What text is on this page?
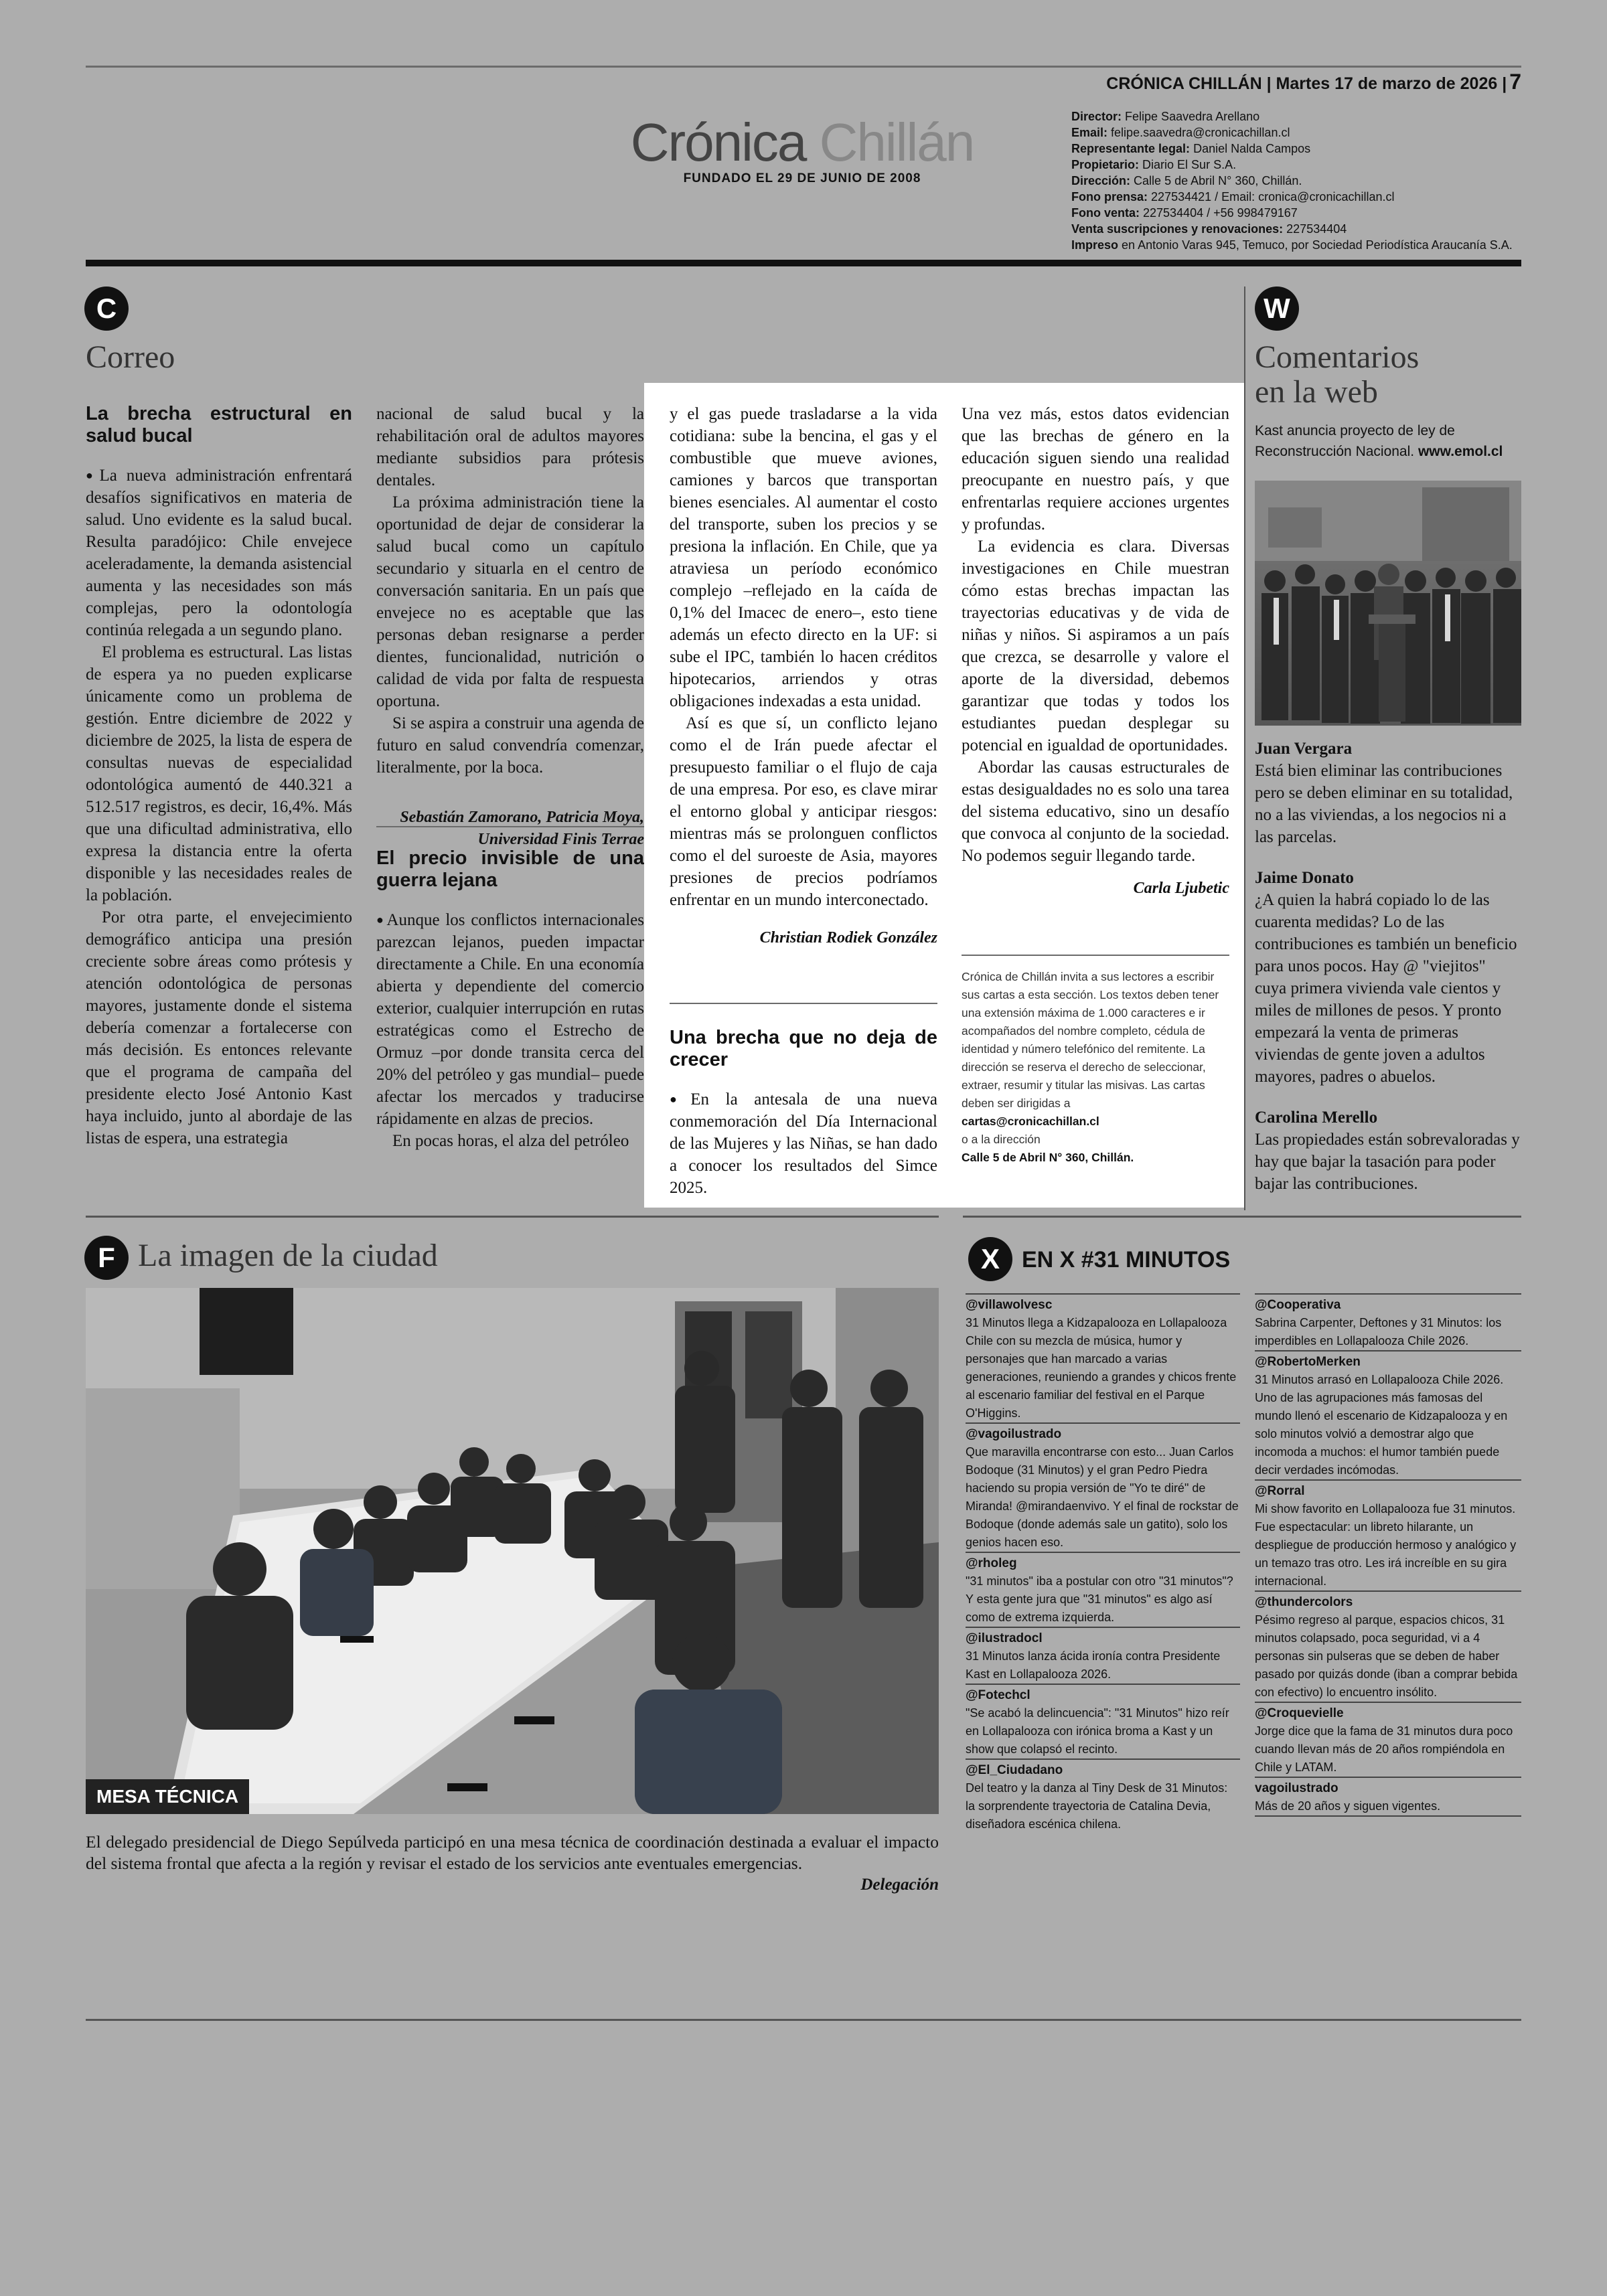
CRÓNICA CHILLÁN | Martes 17 de marzo de 2026 | 7
Crónica Chillán
FUNDADO EL 29 DE JUNIO DE 2008
Director: Felipe Saavedra Arellano
Email: felipe.saavedra@cronicachillan.cl
Representante legal: Daniel Nalda Campos
Propietario: Diario El Sur S.A.
Dirección: Calle 5 de Abril N° 360, Chillán.
Fono prensa: 227534421 / Email: cronica@cronicachillan.cl
Fono venta: 227534404 / +56 998479167
Venta suscripciones y renovaciones: 227534404
Impreso en Antonio Varas 945, Temuco, por Sociedad Periodística Araucanía S.A.
C
Correo
La brecha estructural en salud bucal

● La nueva administración enfrentará desafíos significativos en materia de salud. Uno evidente es la salud bucal. Resulta paradójico: Chile envejece aceleradamente, la demanda asistencial aumenta y las necesidades son más complejas, pero la odontología continúa relegada a un segundo plano.

El problema es estructural. Las listas de espera ya no pueden explicarse únicamente como un problema de gestión. Entre diciembre de 2022 y diciembre de 2025, la lista de espera de consultas nuevas de especialidad odontológica aumentó de 440.321 a 512.517 registros, es decir, 16,4%. Más que una dificultad administrativa, ello expresa la distancia entre la oferta disponible y las necesidades reales de la población.

Por otra parte, el envejecimiento demográfico anticipa una presión creciente sobre áreas como prótesis y atención odontológica de personas mayores, justamente donde el sistema debería comenzar a fortalecerse con más decisión. Es entonces relevante que el programa de campaña del presidente electo José Antonio Kast haya incluido, junto al abordaje de las listas de espera, una estrategia

nacional de salud bucal y la rehabilitación oral de adultos mayores mediante subsidios para prótesis dentales.

La próxima administración tiene la oportunidad de dejar de considerar la salud bucal como un capítulo secundario y situarla en el centro de conversación sanitaria. En un país que envejece no es aceptable que las personas deban resignarse a perder dientes, funcionalidad, nutrición o calidad de vida por falta de respuesta oportuna.

Si se aspira a construir una agenda de futuro en salud convendría comenzar, literalmente, por la boca.

Sebastián Zamorano, Patricia Moya, Universidad Finis Terrae
El precio invisible de una guerra lejana

● Aunque los conflictos internacionales parezcan lejanos, pueden impactar directamente a Chile. En una economía abierta y dependiente del comercio exterior, cualquier interrupción en rutas estratégicas como el Estrecho de Ormuz –por donde transita cerca del 20% del petróleo y gas mundial– puede afectar los mercados y traducirse rápidamente en alzas de precios.

En pocas horas, el alza del petróleo

y el gas puede trasladarse a la vida cotidiana: sube la bencina, el gas y el combustible que mueve aviones, camiones y barcos que transportan bienes esenciales. Al aumentar el costo del transporte, suben los precios y se presiona la inflación. En Chile, que ya atraviesa un período económico complejo –reflejado en la caída de 0,1% del Imacec de enero–, esto tiene además un efecto directo en la UF: si sube el IPC, también lo hacen créditos hipotecarios, arriendos y otras obligaciones indexadas a esta unidad.

Así es que sí, un conflicto lejano como el de Irán puede afectar el presupuesto familiar o el flujo de caja de una empresa. Por eso, es clave mirar el entorno global y anticipar riesgos: mientras más se prolonguen conflictos como el del suroeste de Asia, mayores presiones de precios podríamos enfrentar en un mundo interconectado.

Christian Rodiek González
Una brecha que no deja de crecer

● En la antesala de una nueva conmemoración del Día Internacional de las Mujeres y las Niñas, se han dado a conocer los resultados del Simce 2025.

Una vez más, estos datos evidencian que las brechas de género en la educación siguen siendo una realidad preocupante en nuestro país, y que enfrentarlas requiere acciones urgentes y profundas.

La evidencia es clara. Diversas investigaciones en Chile muestran cómo estas brechas impactan las trayectorias educativas y de vida de niñas y niños. Si aspiramos a un país que crezca, se desarrolle y valore el aporte de la diversidad, debemos garantizar que todas y todos los estudiantes puedan desplegar su potencial en igualdad de oportunidades.

Abordar las causas estructurales de estas desigualdades no es solo una tarea del sistema educativo, sino un desafío que convoca al conjunto de la sociedad. No podemos seguir llegando tarde.

Carla Ljubetic
Crónica de Chillán invita a sus lectores a escribir sus cartas a esta sección. Los textos deben tener una extensión máxima de 1.000 caracteres e ir acompañados del nombre completo, cédula de identidad y número telefónico del remitente. La dirección se reserva el derecho de seleccionar, extraer, resumir y titular las misivas. Las cartas deben ser dirigidas a
cartas@cronicachillan.cl
o a la dirección
Calle 5 de Abril N° 360, Chillán.
W
Comentarios
en la web
Kast anuncia proyecto de ley de Reconstrucción Nacional. www.emol.cl
Juan Vergara
Está bien eliminar las contribuciones pero se deben eliminar en su totalidad, no a las viviendas, a los negocios ni a las parcelas.
Jaime Donato
¿A quien la habrá copiado lo de las cuarenta medidas? Lo de las contribuciones es también un beneficio para unos pocos. Hay @ "viejitos" cuya primera vivienda vale cientos y miles de millones de pesos. Y pronto empezará la venta de primeras viviendas de gente joven a adultos mayores, padres o abuelos.
Carolina Merello
Las propiedades están sobrevaloradas y hay que bajar la tasación para poder bajar las contribuciones.
F La imagen de la ciudad
MESA TÉCNICA
El delegado presidencial de Diego Sepúlveda participó en una mesa técnica de coordinación destinada a evaluar el impacto del sistema frontal que afecta a la región y revisar el estado de los servicios ante eventuales emergencias.
Delegación
X EN X #31 MINUTOS
@villawolvesc
31 Minutos llega a Kidzapalooza en Lollapalooza Chile con su mezcla de música, humor y personajes que han marcado a varias generaciones, reuniendo a grandes y chicos frente al escenario familiar del festival en el Parque O'Higgins.
@vagoilustrado
Que maravilla encontrarse con esto... Juan Carlos Bodoque (31 Minutos) y el gran Pedro Piedra haciendo su propia versión de "Yo te diré" de Miranda! @mirandaenvivo. Y el final de rockstar de Bodoque (donde además sale un gatito), solo los genios hacen eso.
@rholeg
"31 minutos" iba a postular con otro "31 minutos"? Y esta gente jura que "31 minutos" es algo así como de extrema izquierda.
@ilustradocl
31 Minutos lanza ácida ironía contra Presidente Kast en Lollapalooza 2026.
@Fotechcl
"Se acabó la delincuencia": "31 Minutos" hizo reír en Lollapalooza con irónica broma a Kast y un show que colapsó el recinto.
@El_Ciudadano
Del teatro y la danza al Tiny Desk de 31 Minutos: la sorprendente trayectoria de Catalina Devia, diseñadora escénica chilena.
@Cooperativa
Sabrina Carpenter, Deftones y 31 Minutos: los imperdibles en Lollapalooza Chile 2026.
@RobertoMerken
31 Minutos arrasó en Lollapalooza Chile 2026. Uno de las agrupaciones más famosas del mundo llenó el escenario de Kidzapalooza y en solo minutos volvió a demostrar algo que incomoda a muchos: el humor también puede decir verdades incómodas.
@Rorral
Mi show favorito en Lollapalooza fue 31 minutos. Fue espectacular: un libreto hilarante, un despliegue de producción hermoso y analógico y un temazo tras otro. Les irá increíble en su gira internacional.
@thundercolors
Pésimo regreso al parque, espacios chicos, 31 minutos colapsado, poca seguridad, vi a 4 personas sin pulseras que se deben de haber pasado por quizás donde (iban a comprar bebida con efectivo) lo encuentro insólito.
@Croquevielle
Jorge dice que la fama de 31 minutos dura poco cuando llevan más de 20 años rompiéndola en Chile y LATAM.
vagoilustrado
Más de 20 años y siguen vigentes.
